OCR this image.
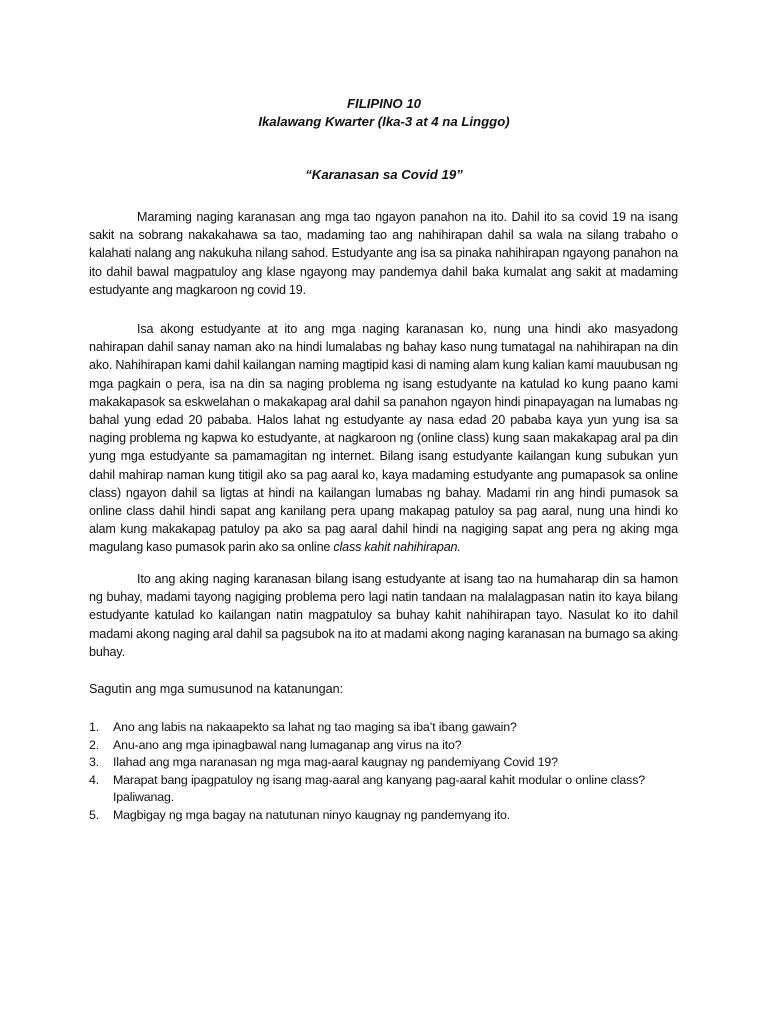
FILIPINO 10
Ikalawang Kwarter (Ika-3 at 4 na Linggo)
“Karanasan sa Covid 19”

Maraming naging karanasan ang mga tao ngayon panahon na ito. Dahil ito sa covid 19 na isang sakit na sobrang nakakahawa sa tao, madaming tao ang nahihirapan dahil sa wala na silang trabaho o kalahati nalang ang nakukuha nilang sahod. Estudyante ang isa sa pinaka nahihirapan ngayong panahon na ito dahil bawal magpatuloy ang klase ngayong may pandemya dahil baka kumalat ang sakit at madaming estudyante ang magkaroon ng covid 19.

Isa akong estudyante at ito ang mga naging karanasan ko, nung una hindi ako masyadong nahirapan dahil sanay naman ako na hindi lumalabas ng bahay kaso nung tumatagal na nahihirapan na din ako. Nahihirapan kami dahil kailangan naming magtipid kasi di naming alam kung kalian kami mauubusan ng mga pagkain o pera, isa na din sa naging problema ng isang estudyante na katulad ko kung paano kami makakapasok sa eskwelahan o makakapag aral dahil sa panahon ngayon hindi pinapayagan na lumabas ng bahal yung edad 20 pababa. Halos lahat ng estudyante ay nasa edad 20 pababa kaya yun yung isa sa naging problema ng kapwa ko estudyante, at nagkaroon ng (online class) kung saan makakapag aral pa din yung mga estudyante sa pamamagitan ng internet. Bilang isang estudyante kailangan kung subukan yun dahil mahirap naman kung titigil ako sa pag aaral ko, kaya madaming estudyante ang pumapasok sa online class) ngayon dahil sa ligtas at hindi na kailangan lumabas ng bahay. Madami rin ang hindi pumasok sa online class dahil hindi sapat ang kanilang pera upang makapag patuloy sa pag aaral, nung una hindi ko alam kung makakapag patuloy pa ako sa pag aaral dahil hindi na nagiging sapat ang pera ng aking mga magulang kaso pumasok parin ako sa online class kahit nahihirapan.

Ito ang aking naging karanasan bilang isang estudyante at isang tao na humaharap din sa hamon ng buhay, madami tayong nagiging problema pero lagi natin tandaan na malalagpasan natin ito kaya bilang estudyante katulad ko kailangan natin magpatuloy sa buhay kahit nahihirapan tayo. Nasulat ko ito dahil madami akong naging aral dahil sa pagsubok na ito at madami akong naging karanasan na bumago sa aking buhay.

Sagutin ang mga sumusunod na katanungan:
1. Ano ang labis na nakaapekto sa lahat ng tao maging sa iba’t ibang gawain?
2. Anu-ano ang mga ipinagbawal nang lumaganap ang virus na ito?
3. Ilahad ang mga naranasan ng mga mag-aaral kaugnay ng pandemiyang Covid 19?
4. Marapat bang ipagpatuloy ng isang mag-aaral ang kanyang pag-aaral kahit modular o online class? Ipaliwanag.
5. Magbigay ng mga bagay na natutunan ninyo kaugnay ng pandemyang ito.
